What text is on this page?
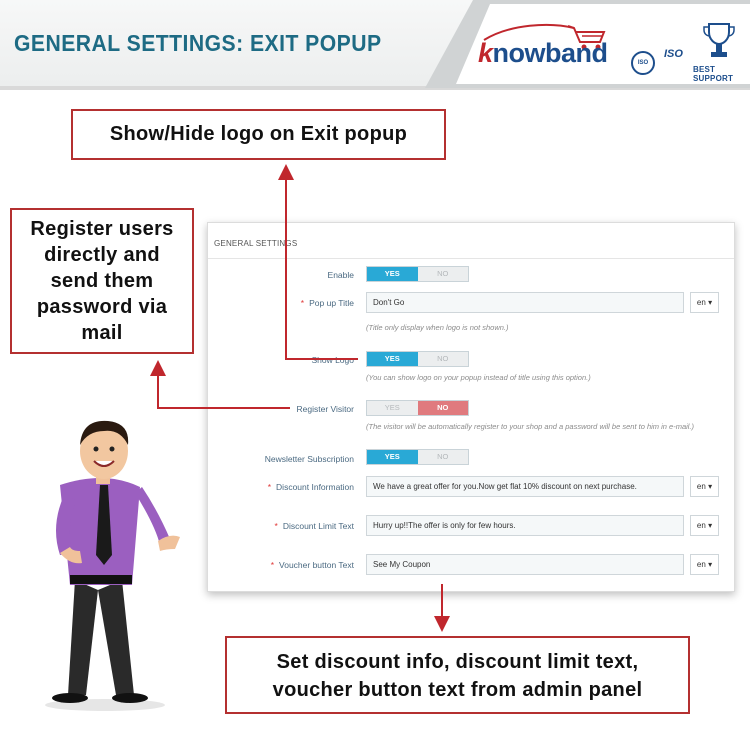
GENERAL SETTINGS: EXIT POPUP	knowband	ISO
ISO
BEST SUPPORT
Show/Hide logo on Exit popup
Register users
directly and
send them
password via
mail
Set discount info, discount limit text,
voucher button text from admin panel
GENERAL SETTINGS
Enable	YES	NO
* Pop up Title	Don't Go	en ▾
(Title only display when logo is not shown.)
Show Logo	YES	NO
(You can show logo on your popup instead of title using this option.)
Register Visitor	YES	NO
(The visitor will be automatically register to your shop and a password will be sent to him in e-mail.)
Newsletter Subscription	YES	NO
* Discount Information	We have a great offer for you.Now get flat 10% discount on next purchase.	en ▾
* Discount Limit Text	Hurry up!!The offer is only for few hours.	en ▾
* Voucher button Text	See My Coupon	en ▾
